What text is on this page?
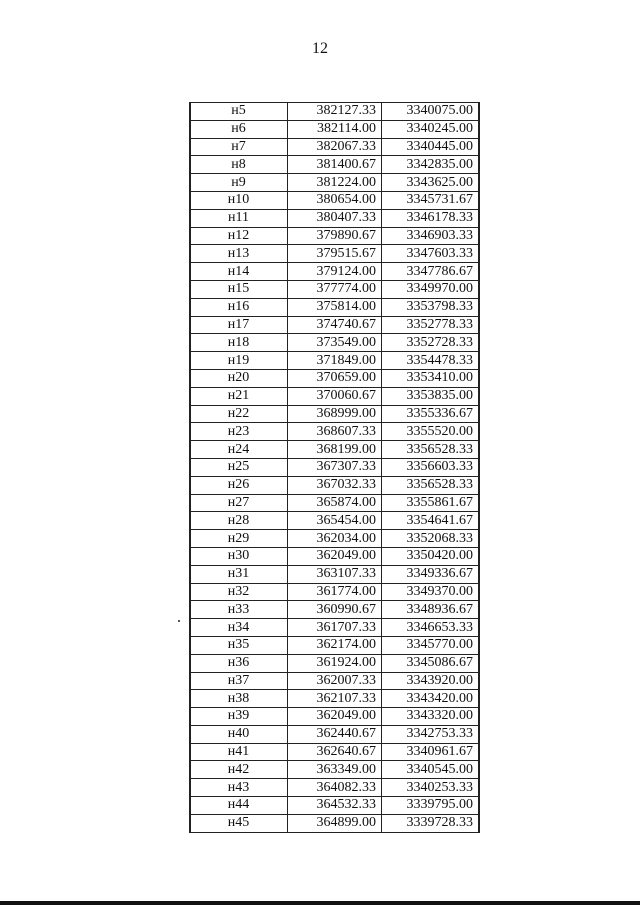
12
н5	382127.33	3340075.00
н6	382114.00	3340245.00
н7	382067.33	3340445.00
н8	381400.67	3342835.00
н9	381224.00	3343625.00
н10	380654.00	3345731.67
н11	380407.33	3346178.33
н12	379890.67	3346903.33
н13	379515.67	3347603.33
н14	379124.00	3347786.67
н15	377774.00	3349970.00
н16	375814.00	3353798.33
н17	374740.67	3352778.33
н18	373549.00	3352728.33
н19	371849.00	3354478.33
н20	370659.00	3353410.00
н21	370060.67	3353835.00
н22	368999.00	3355336.67
н23	368607.33	3355520.00
н24	368199.00	3356528.33
н25	367307.33	3356603.33
н26	367032.33	3356528.33
н27	365874.00	3355861.67
н28	365454.00	3354641.67
н29	362034.00	3352068.33
н30	362049.00	3350420.00
н31	363107.33	3349336.67
н32	361774.00	3349370.00
н33	360990.67	3348936.67
н34	361707.33	3346653.33
н35	362174.00	3345770.00
н36	361924.00	3345086.67
н37	362007.33	3343920.00
н38	362107.33	3343420.00
н39	362049.00	3343320.00
н40	362440.67	3342753.33
н41	362640.67	3340961.67
н42	363349.00	3340545.00
н43	364082.33	3340253.33
н44	364532.33	3339795.00
н45	364899.00	3339728.33
